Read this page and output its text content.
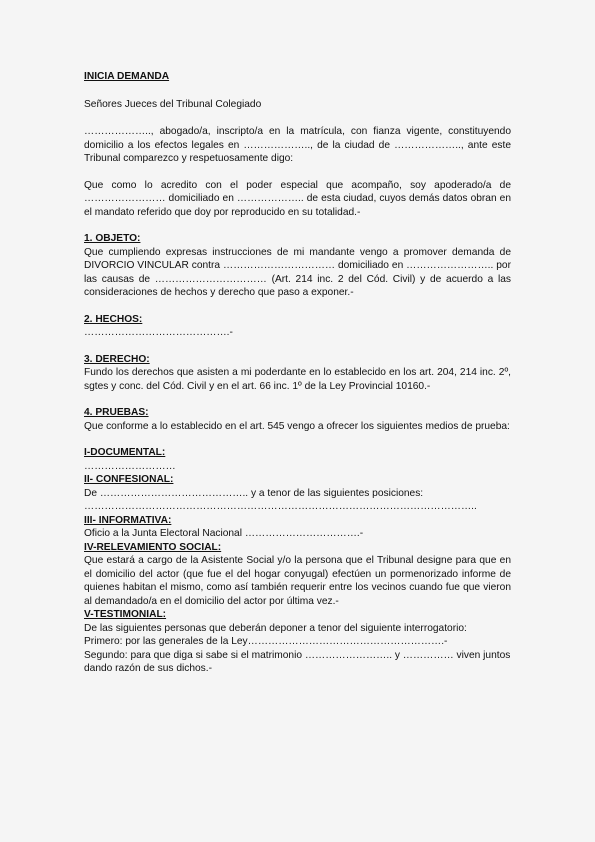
INICIA DEMANDA

Señores Jueces del Tribunal Colegiado

……………….., abogado/a, inscripto/a en la matrícula, con fianza vigente, constituyendo domicilio a los efectos legales en ……………….., de la ciudad de ……………….., ante este Tribunal comparezco y respetuosamente digo:

Que como lo acredito con el poder especial que acompaño, soy apoderado/a de …………………… domiciliado en ……………….. de esta ciudad, cuyos demás datos obran en el mandato referido que doy por reproducido en su totalidad.-

1. OBJETO:

Que cumpliendo expresas instrucciones de mi mandante vengo a promover demanda de DIVORCIO VINCULAR contra …………………………… domiciliado en …………………….. por las causas de …………………………… (Art. 214 inc. 2 del Cód. Civil) y de acuerdo a las consideraciones de hechos y derecho que paso a exponer.-

2. HECHOS:

…………………………………….-

3. DERECHO:

Fundo los derechos que asisten a mi poderdante en lo establecido en los art. 204, 214 inc. 2º, sgtes y conc. del Cód. Civil y en el art. 66 inc. 1º de la Ley Provincial 10160.-

4. PRUEBAS:

Que conforme a lo establecido en el art. 545 vengo a ofrecer los siguientes medios de prueba:

I-DOCUMENTAL:

………………………

II- CONFESIONAL:

De …………………………………….. y a tenor de las siguientes posiciones:

……………………………………………………………………………………………………..

III- INFORMATIVA:

Oficio a la Junta Electoral Nacional …………………………….-

IV-RELEVAMIENTO SOCIAL:

Que estará a cargo de la Asistente Social y/o la persona que el Tribunal designe para que en el domicilio del actor (que fue el del hogar conyugal) efectúen un pormenorizado informe de quienes habitan el mismo, como así también requerir entre los vecinos cuando fue que vieron al demandado/a en el domicilio del actor por última vez.-

V-TESTIMONIAL:

De las siguientes personas que deberán deponer a tenor del siguiente interrogatorio:

Primero: por las generales de la Ley………………………………………………….-

Segundo: para que diga si sabe si el matrimonio …………………….. y …………… viven juntos dando razón de sus dichos.-
